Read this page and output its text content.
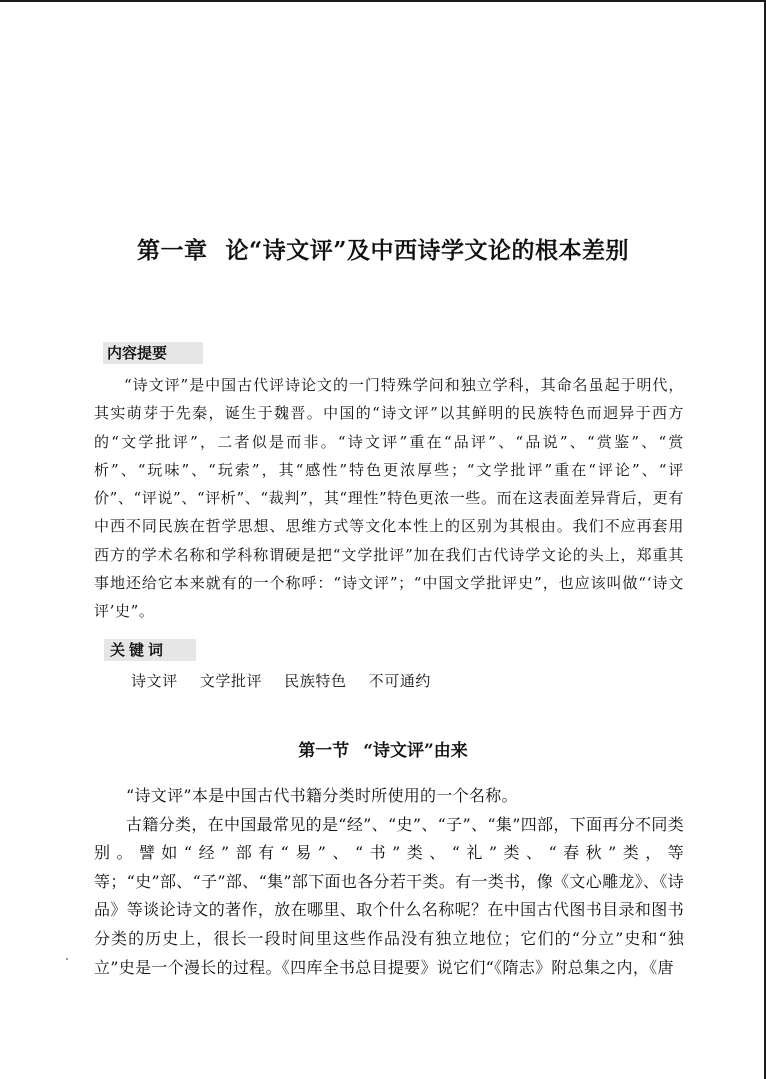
第一章 论“诗文评”及中西诗学文论的根本差别
内容提要

“诗文评”是中国古代评诗论文的一门特殊学问和独立学科，其命名虽起于明代，其实萌芽于先秦，诞生于魏晋。中国的“诗文评”以其鲜明的民族特色而迥异于西方的“文学批评”，二者似是而非。“诗文评”重在“品评”、“品说”、“赏鉴”、“赏析”、“玩味”、“玩索”，其“感性”特色更浓厚些；“文学批评”重在“评论”、“评价”、“评说”、“评析”、“裁判”，其“理性”特色更浓一些。而在这表面差异背后，更有中西不同民族在哲学思想、思维方式等文化本性上的区别为其根由。我们不应再套用西方的学术名称和学科称谓硬是把“文学批评”加在我们古代诗学文论的头上，郑重其事地还给它本来就有的一个称呼：“诗文评”；“中国文学批评史”，也应该叫做“‘诗文评’史”。

关键词
诗文评 文学批评 民族特色 不可通约
第一节 “诗文评”由来

“诗文评”本是中国古代书籍分类时所使用的一个名称。

古籍分类，在中国最常见的是“经”、“史”、“子”、“集”四部，下面再分不同类别。譬如“经”部有“易”、“书”类、“礼”类、“春秋”类，等等；“史”部、“子”部、“集”部下面也各分若干类。有一类书，像《文心雕龙》、《诗品》等谈论诗文的著作，放在哪里、取个什么名称呢？在中国古代图书目录和图书分类的历史上，很长一段时间里这些作品没有独立地位；它们的“分立”史和“独立”史是一个漫长的过程。《四库全书总目提要》说它们“《隋志》附总集之内，《唐
